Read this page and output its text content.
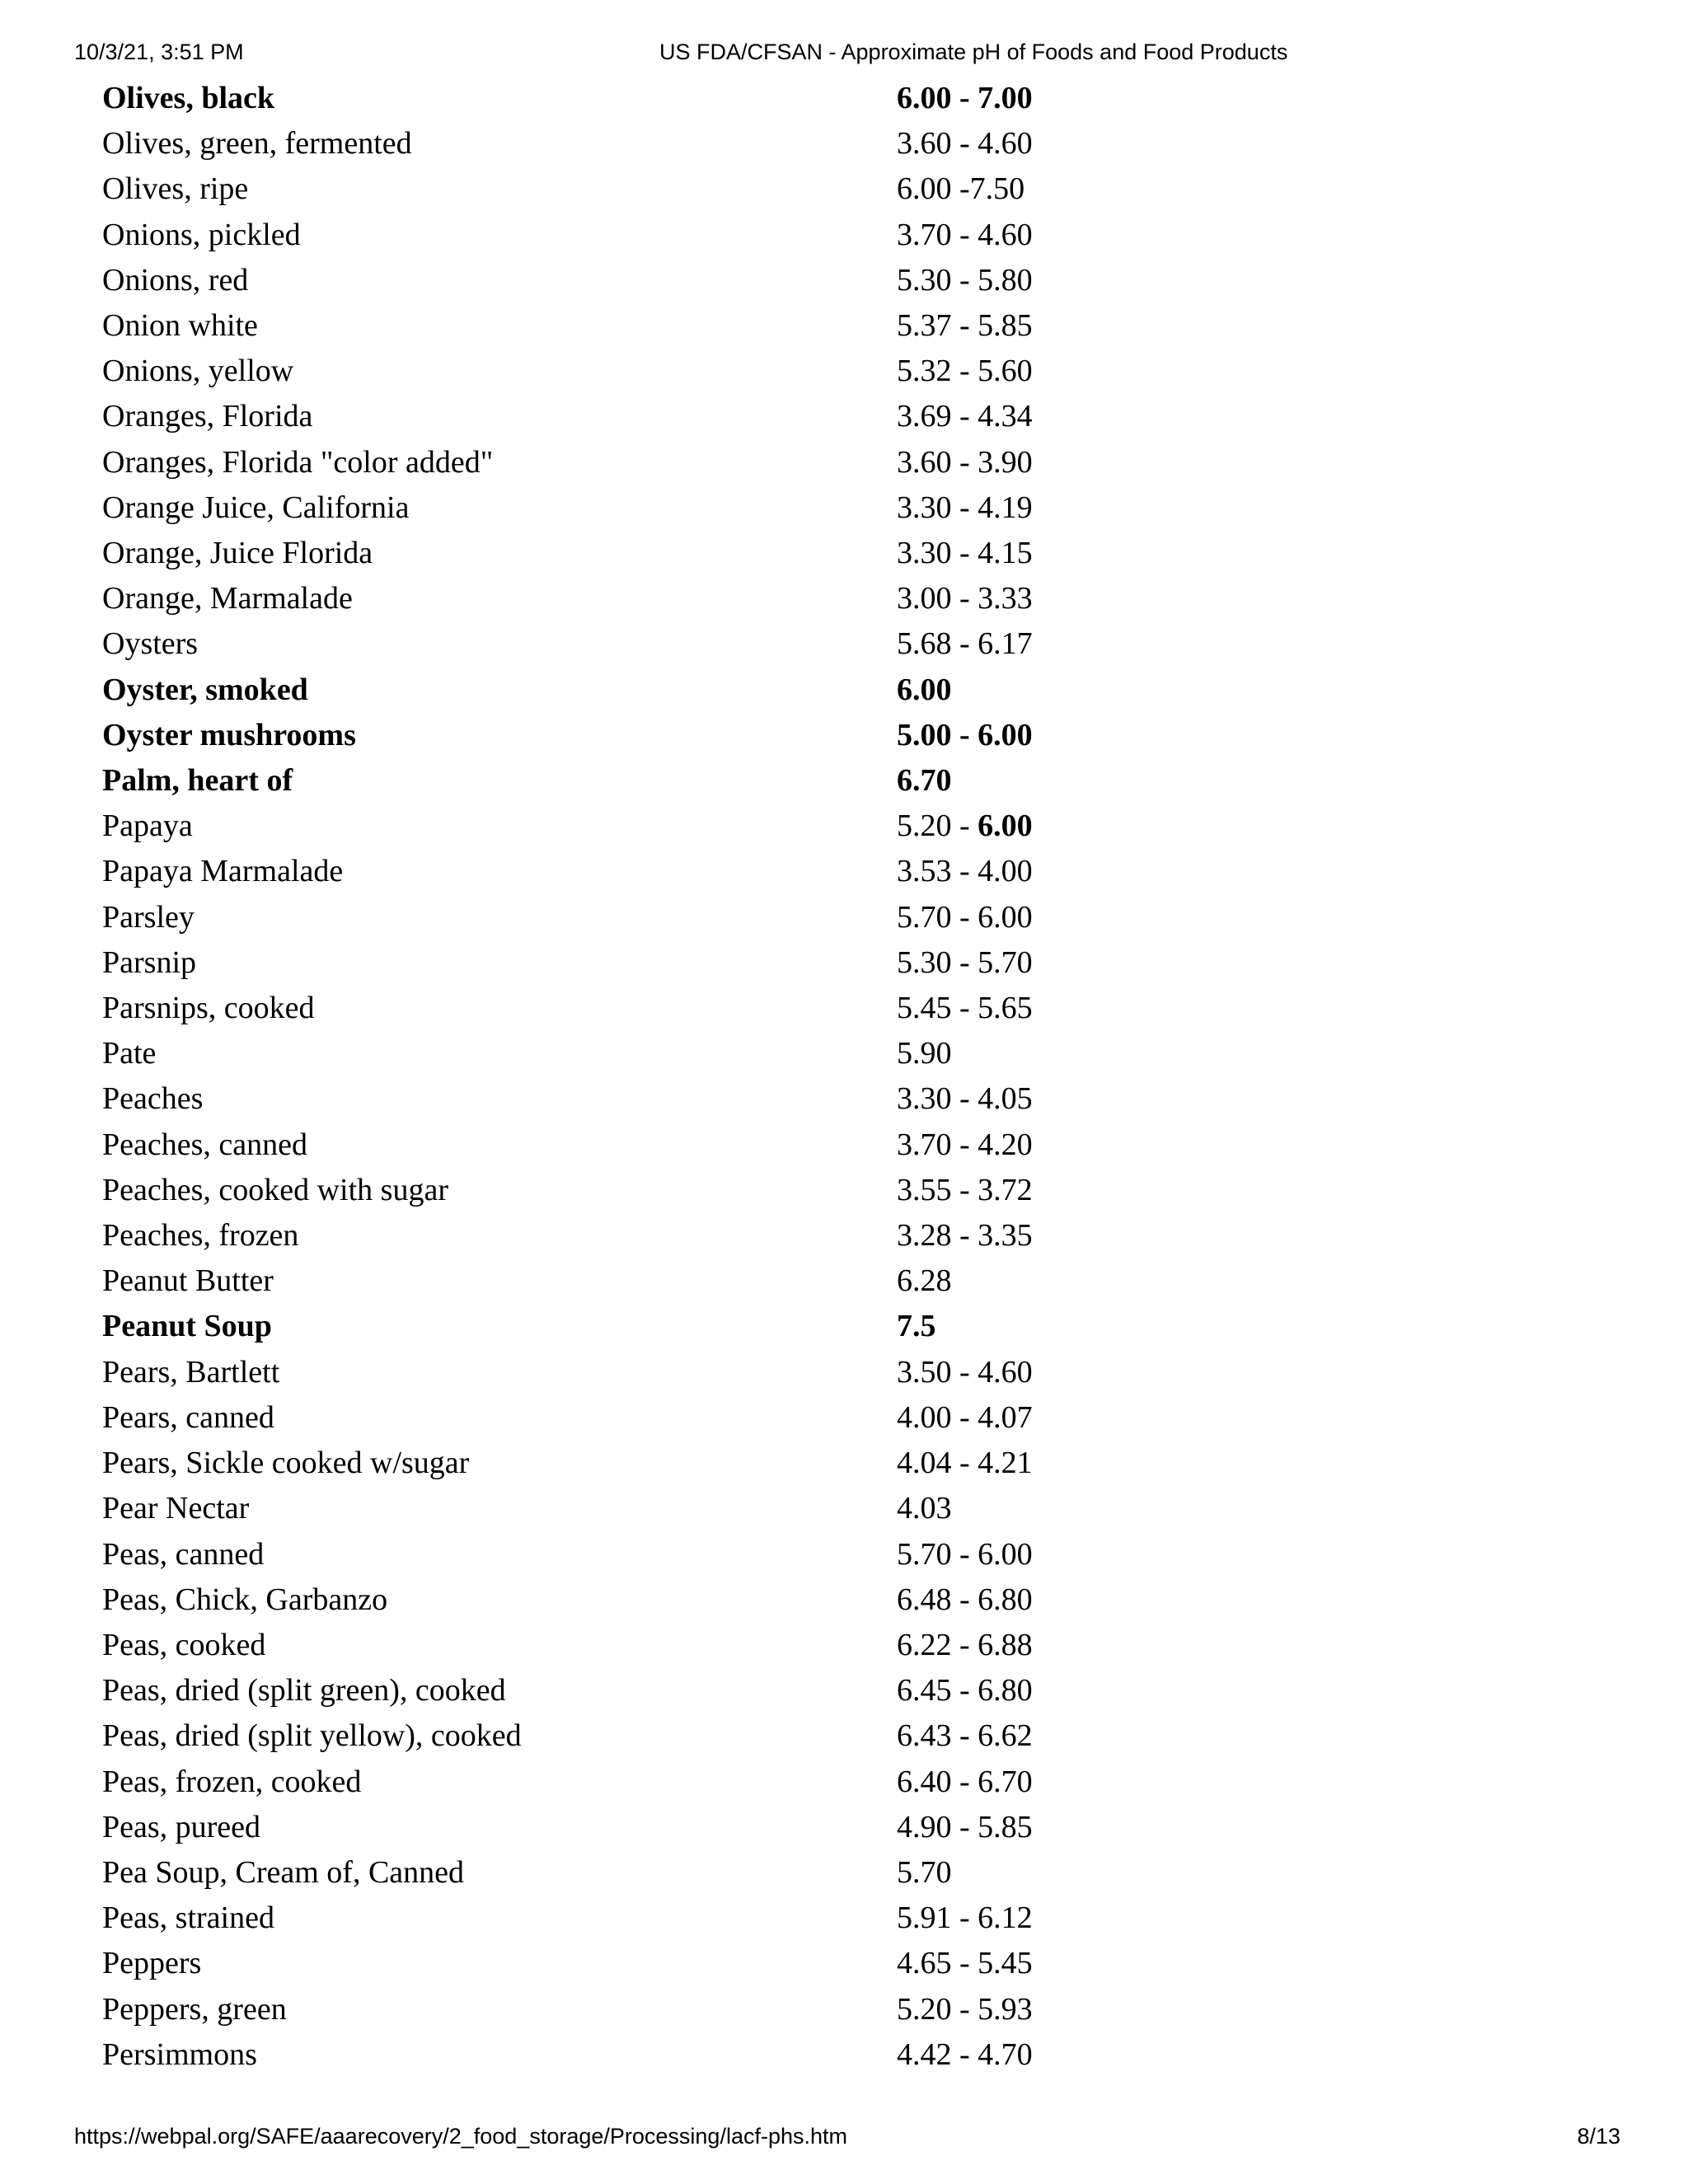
10/3/21, 3:51 PM	US FDA/CFSAN - Approximate pH of Foods and Food Products
Olives, black	6.00 - 7.00
Olives, green, fermented	3.60 - 4.60
Olives, ripe	6.00 -7.50
Onions, pickled	3.70 - 4.60
Onions, red	5.30 - 5.80
Onion white	5.37 - 5.85
Onions, yellow	5.32 - 5.60
Oranges, Florida	3.69 - 4.34
Oranges, Florida "color added"	3.60 - 3.90
Orange Juice, California	3.30 - 4.19
Orange, Juice Florida	3.30 - 4.15
Orange, Marmalade	3.00 - 3.33
Oysters	5.68 - 6.17
Oyster, smoked	6.00
Oyster mushrooms	5.00 - 6.00
Palm, heart of	6.70
Papaya	5.20 - 6.00
Papaya Marmalade	3.53 - 4.00
Parsley	5.70 - 6.00
Parsnip	5.30 - 5.70
Parsnips, cooked	5.45 - 5.65
Pate	5.90
Peaches	3.30 - 4.05
Peaches, canned	3.70 - 4.20
Peaches, cooked with sugar	3.55 - 3.72
Peaches, frozen	3.28 - 3.35
Peanut Butter	6.28
Peanut Soup	7.5
Pears, Bartlett	3.50 - 4.60
Pears, canned	4.00 - 4.07
Pears, Sickle cooked w/sugar	4.04 - 4.21
Pear Nectar	4.03
Peas, canned	5.70 - 6.00
Peas, Chick, Garbanzo	6.48 - 6.80
Peas, cooked	6.22 - 6.88
Peas, dried (split green), cooked	6.45 - 6.80
Peas, dried (split yellow), cooked	6.43 - 6.62
Peas, frozen, cooked	6.40 - 6.70
Peas, pureed	4.90 - 5.85
Pea Soup, Cream of, Canned	5.70
Peas, strained	5.91 - 6.12
Peppers	4.65 - 5.45
Peppers, green	5.20 - 5.93
Persimmons	4.42 - 4.70
https://webpal.org/SAFE/aaarecovery/2_food_storage/Processing/lacf-phs.htm	8/13
